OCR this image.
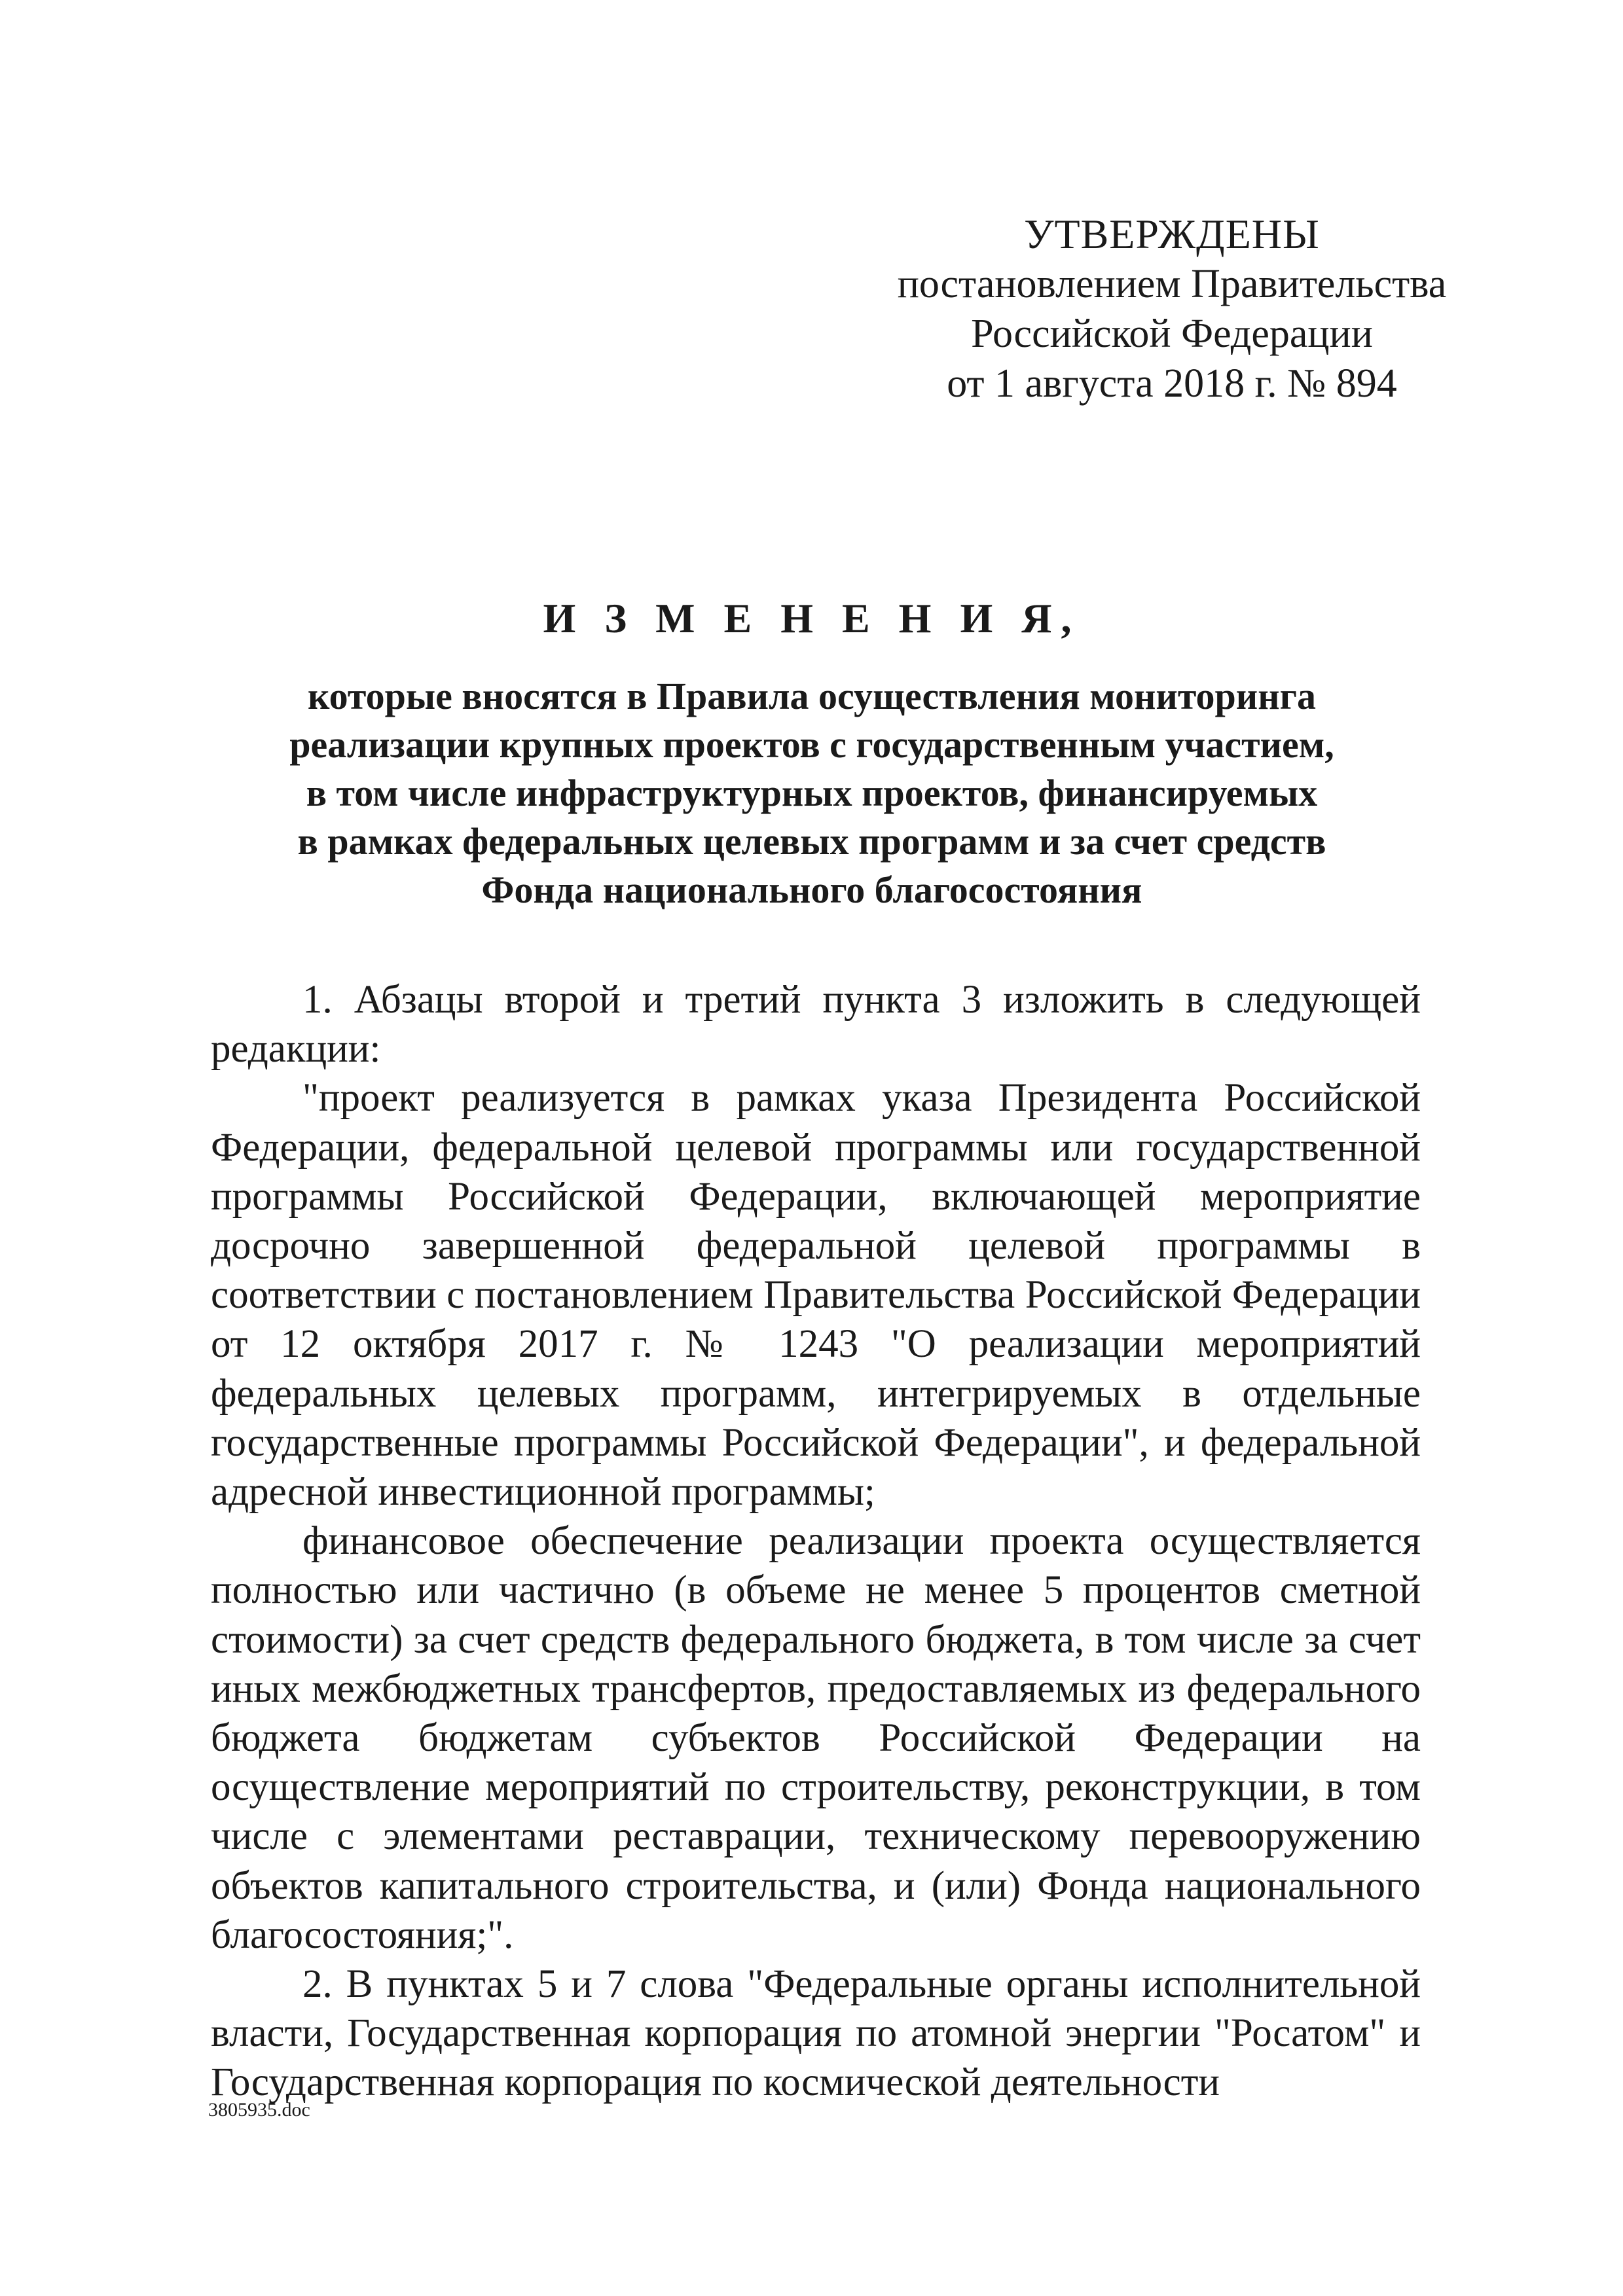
УТВЕРЖДЕНЫ
постановлением Правительства
Российской Федерации
от 1 августа 2018 г. № 894
И З М Е Н Е Н И Я,
которые вносятся в Правила осуществления мониторинга
реализации крупных проектов с государственным участием,
в том числе инфраструктурных проектов, финансируемых
в рамках федеральных целевых программ и за счет средств
Фонда национального благосостояния

1. Абзацы второй и третий пункта 3 изложить в следующей редакции:

"проект реализуется в рамках указа Президента Российской Федерации, федеральной целевой программы или государственной программы Российской Федерации, включающей мероприятие досрочно завершенной федеральной целевой программы в соответствии с постановлением Правительства Российской Федерации от 12 октября 2017 г. № 1243 "О реализации мероприятий федеральных целевых программ, интегрируемых в отдельные государственные программы Российской Федерации", и федеральной адресной инвестиционной программы;

финансовое обеспечение реализации проекта осуществляется полностью или частично (в объеме не менее 5 процентов сметной стоимости) за счет средств федерального бюджета, в том числе за счет иных межбюджетных трансфертов, предоставляемых из федерального бюджета бюджетам субъектов Российской Федерации на осуществление мероприятий по строительству, реконструкции, в том числе с элементами реставрации, техническому перевооружению объектов капитального строительства, и (или) Фонда национального благосостояния;".

2. В пунктах 5 и 7 слова "Федеральные органы исполнительной власти, Государственная корпорация по атомной энергии "Росатом" и Государственная корпорация по космической деятельности

3805935.doc
